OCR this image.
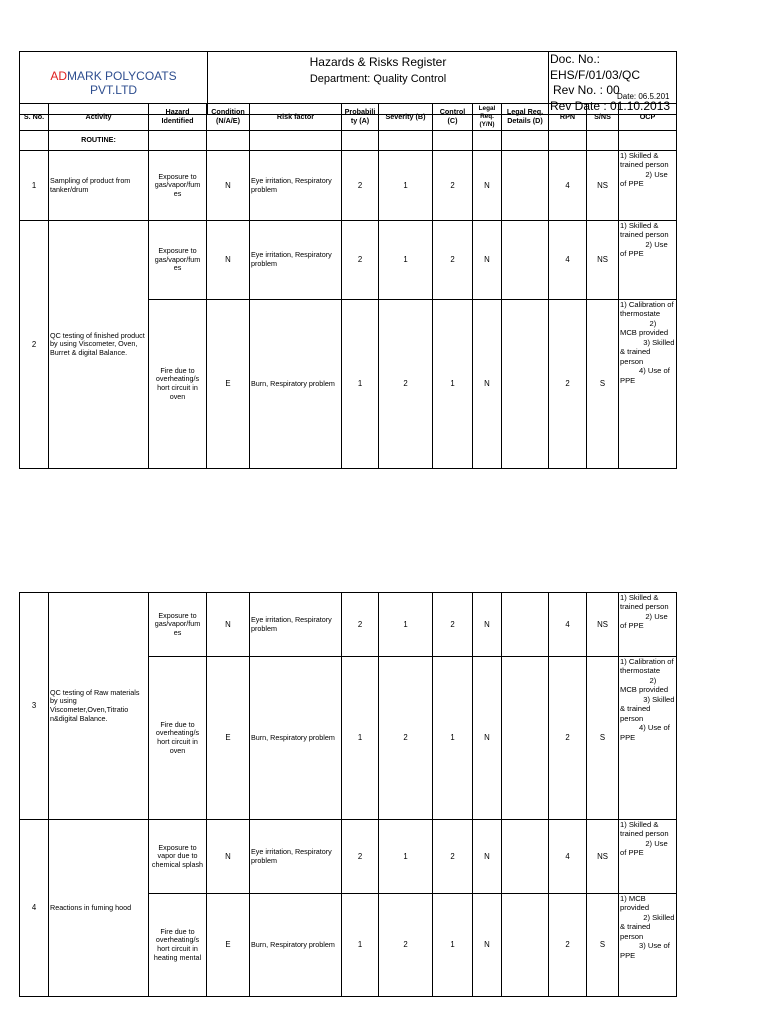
ADMARK POLYCOATS
PVT.LTD	
Hazards & Risks Register
Department: Quality Control

Doc. No.: EHS/F/01/03/QC
Rev No. : 00
Rev Date : 01.10.2013
Date: 06.5.201
S. No.	Activity	Hazard Identified	Condition (N/A/E)	Risk factor	Probabili ty (A)	Severity (B)	Control (C)	Legal Req. (Y/N)	Legal Req. Details (D)	RPN	S/NS	OCP
	ROUTINE:											
1	Sampling of product from tanker/drum	Exposure to gas/vapor/fum es	N	Eye irritation, Respiratory problem	2	1	2	N		4	NS	1) Skilled & trained person
2) Use of PPE
2	QC testing of finished product by using Viscometer, Oven, Burret & digital Balance.	Exposure to gas/vapor/fum es	N	Eye irritation, Respiratory problem	2	1	2	N		4	NS	1) Skilled & trained person
2) Use of PPE
		Fire due to overheating/s hort circuit in oven	E	Burn, Respiratory problem	1	2	1	N		2	S	1) Calibration of thermostate
2) MCB provided
3) Skilled & trained person
4) Use of PPE
3	QC testing of Raw materials by using Viscometer,Oven,Titratio n&digital Balance.	Exposure to gas/vapor/fum es	N	Eye irritation, Respiratory problem	2	1	2	N		4	NS	1) Skilled & trained person
2) Use of PPE
		Fire due to overheating/s hort circuit in oven	E	Burn, Respiratory problem	1	2	1	N		2	S	1) Calibration of thermostate
2) MCB provided
3) Skilled & trained person
4) Use of PPE
4	Reactions in fuming hood	Exposure to vapor due to chemical splash	N	Eye irritation, Respiratory problem	2	1	2	N		4	NS	1) Skilled & trained person
2) Use of PPE
		Fire due to overheating/s hort circuit in heating mental	E	Burn, Respiratory problem	1	2	1	N		2	S	1) MCB provided
2) Skilled & trained person
3) Use of PPE
